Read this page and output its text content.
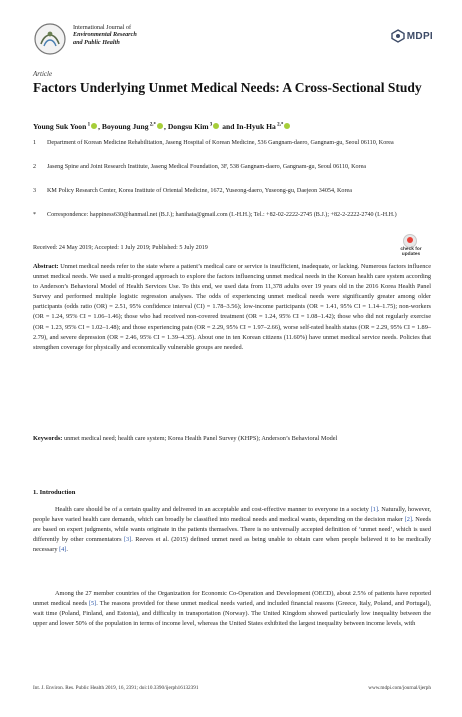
International Journal of
Environmental Research
and Public Health
MDPI
Article
Factors Underlying Unmet Medical Needs: A Cross-Sectional Study
Young Suk Yoon $^1$ , Boyoung Jung $^{2,*}$ , Dongsu Kim $^3$ and In-Hyuk Ha $^{2,*}$
1	Department of Korean Medicine Rehabilitation, Jaseng Hospital of Korean Medicine, 536 Gangnam-daero, Gangnam-gu, Seoul 06110, Korea
2	Jaseng Spine and Joint Research Institute, Jaseng Medical Foundation, 3F, 538 Gangnam-daero, Gangnam-gu, Seoul 06110, Korea
3	KM Policy Research Center, Korea Institute of Oriental Medicine, 1672, Yuseong-daero, Yuseong-gu, Daejeon 34054, Korea
*	Correspondence: happiness630@hanmail.net (B.J.); hanihata@gmail.com (I.-H.H.); Tel.: +82-02-2222-2745 (B.J.); +82-2-2222-2740 (I.-H.H.)
Received: 24 May 2019; Accepted: 1 July 2019; Published: 5 July 2019	check for
updates
Abstract: Unmet medical needs refer to the state where a patient’s medical care or service is insufficient, inadequate, or lacking. Numerous factors influence unmet medical needs. We used a multi-pronged approach to explore the factors influencing unmet medical needs in the Korean health care system according to Anderson’s Behavioral Model of Health Services Use. To this end, we used data from 11,378 adults over 19 years old in the 2016 Korea Health Panel Survey and performed multiple logistic regression analyses. The odds of experiencing unmet medical needs were significantly greater among older participants (odds ratio (OR) = 2.51, 95% confidence interval (CI) = 1.78–3.56); low-income participants (OR = 1.41, 95% CI = 1.14–1.75); non-workers (OR = 1.24, 95% CI = 1.06–1.46); those who had received non-covered treatment (OR = 1.24, 95% CI = 1.08–1.42); those who did not regularly exercise (OR = 1.23, 95% CI = 1.02–1.48); and those experiencing pain (OR = 2.29, 95% CI = 1.97–2.66), worse self-rated health status (OR = 2.29, 95% CI = 1.89–2.79), and severe depression (OR = 2.46, 95% CI = 1.39–4.35). About one in ten Korean citizens (11.60%) have unmet medical service needs. Policies that strengthen coverage for physically and economically vulnerable groups are needed.
Keywords: unmet medical need; health care system; Korea Health Panel Survey (KHPS); Anderson’s Behavioral Model
1. Introduction
Health care should be of a certain quality and delivered in an acceptable and cost-effective manner to everyone in a society [1]. Naturally, however, people have varied health care demands, which can broadly be classified into medical needs and medical wants, depending on the decision maker [2]. Needs are based on expert judgments, while wants originate in the patients themselves. There is no universally accepted definition of ‘unmet need’, which is used differently by other commentators [3]. Reeves et al. (2015) defined unmet need as being unable to obtain care when people believed it to be medically necessary [4].
Among the 27 member countries of the Organization for Economic Co-Operation and Development (OECD), about 2.5% of patients have reported unmet medical needs [5]. The reasons provided for these unmet medical needs varied, and included financial reasons (Greece, Italy, Poland, and Portugal), wait time (Poland, Finland, and Estonia), and difficulty in transportation (Norway). The United Kingdom showed particularly low inequality between the upper and lower 50% of the population in terms of income level, whereas the United States exhibited the largest inequality between income levels, with
Int. J. Environ. Res. Public Health 2019, 16, 2391; doi:10.3390/ijerph16132391	www.mdpi.com/journal/ijerph
